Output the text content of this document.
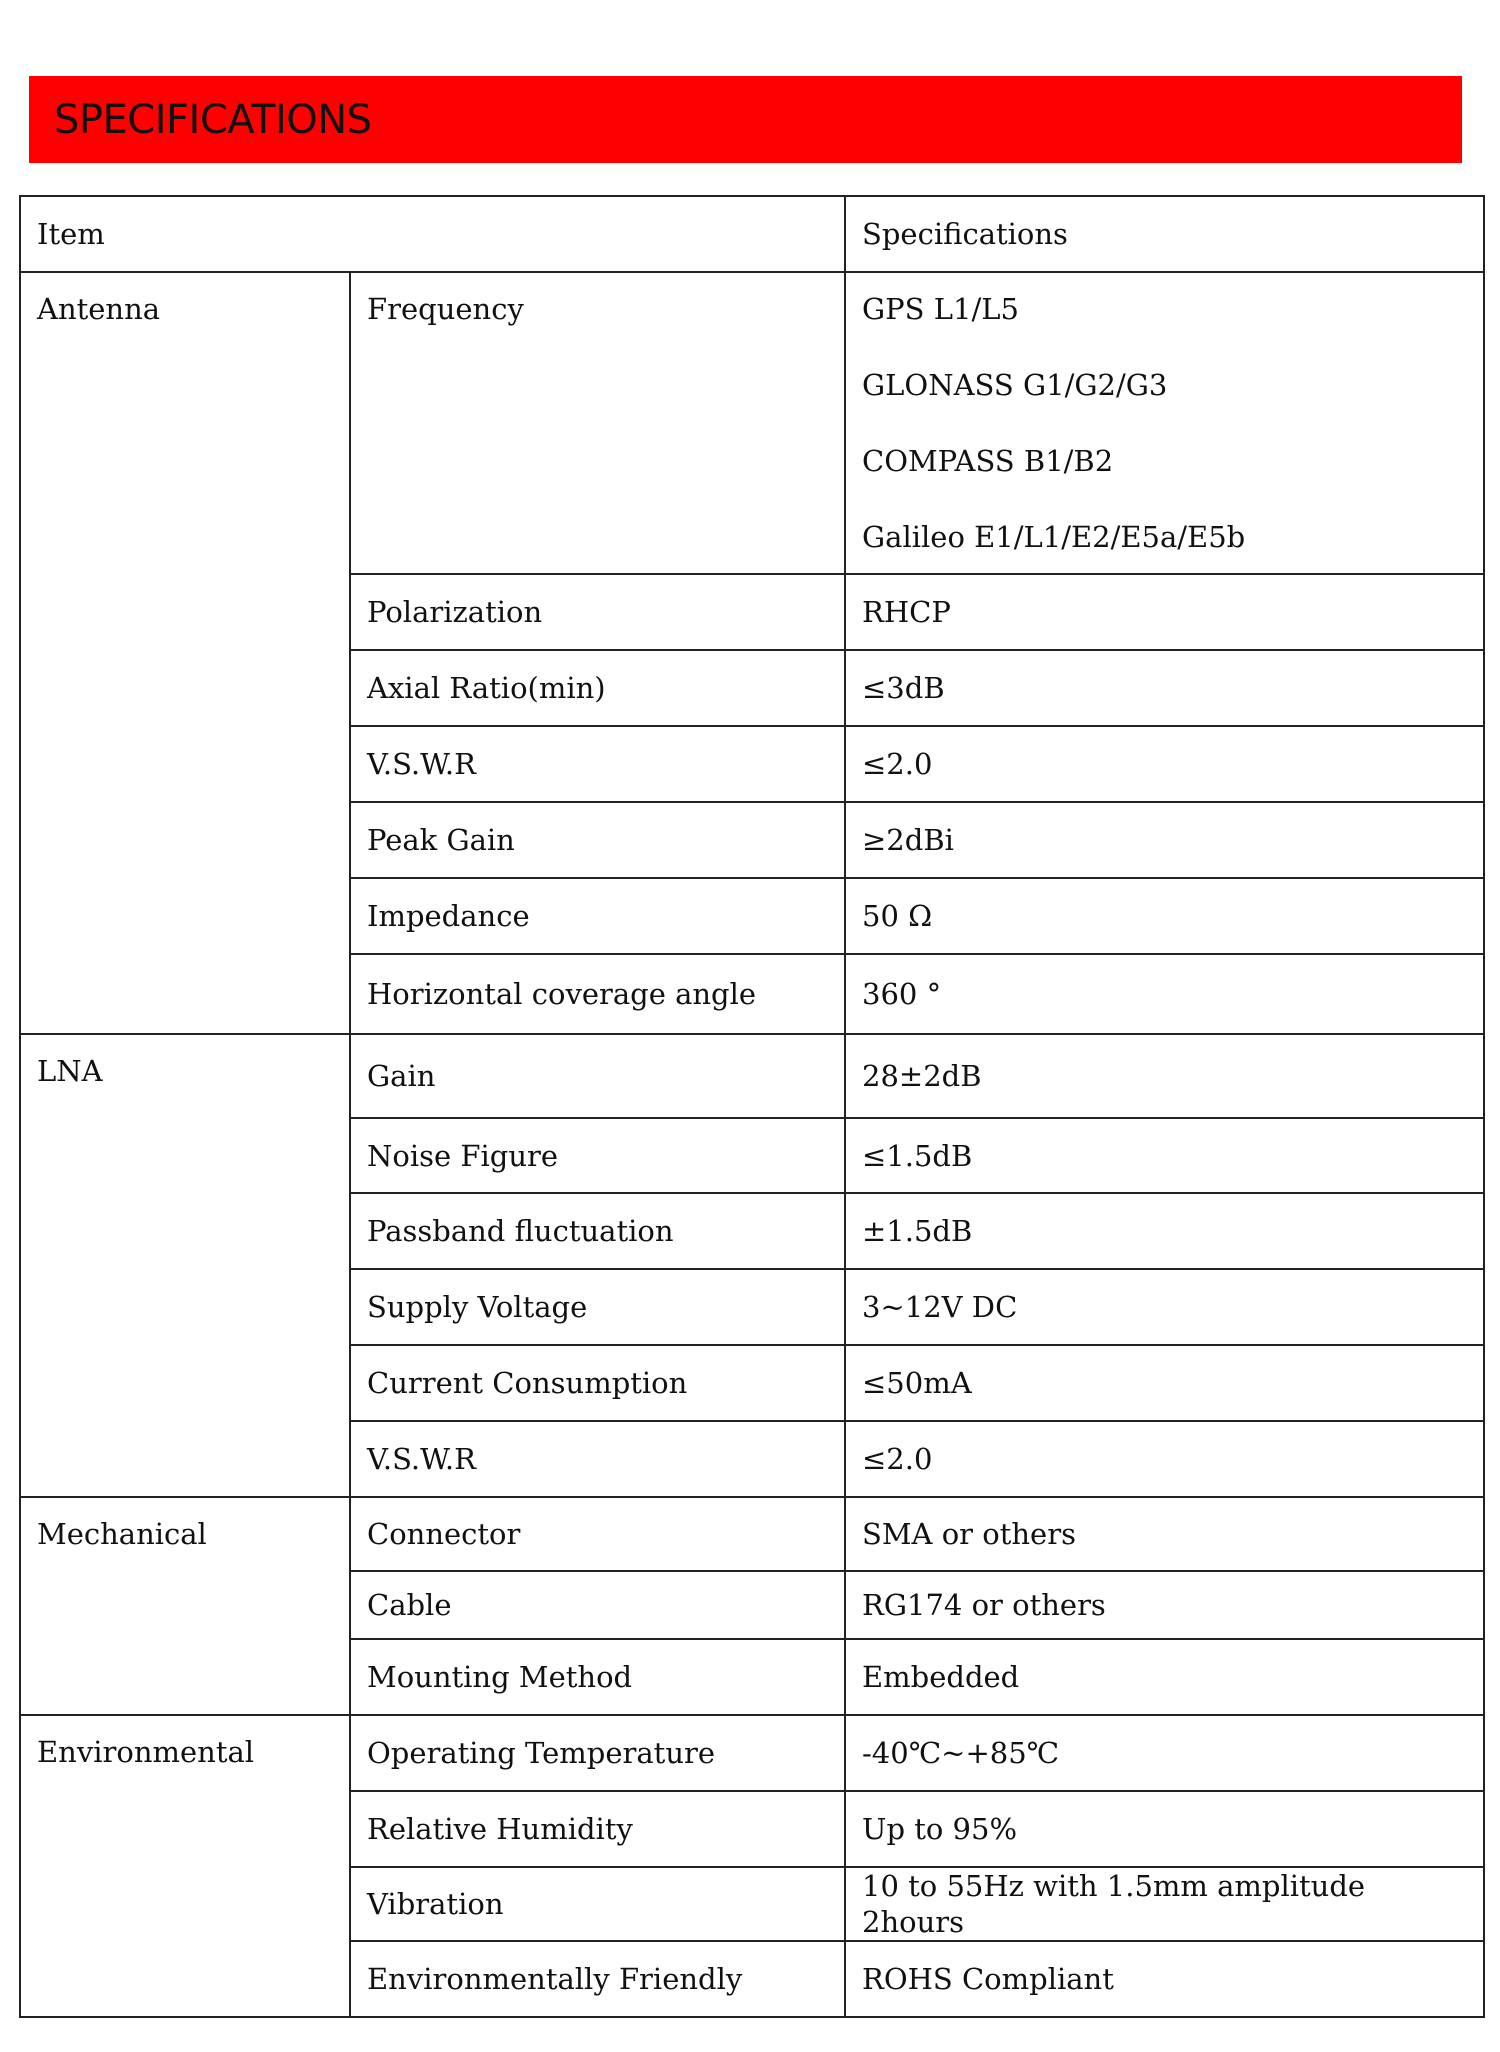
SPECIFICATIONS
Item		Specifications
Antenna	Frequency	GPS L1/L5
GLONASS G1/G2/G3
COMPASS B1/B2
Galileo E1/L1/E2/E5a/E5b

	Polarization	RHCP
	Axial Ratio(min)	≤3dB
	V.S.W.R	≤2.0
	Peak Gain	≥2dBi
	Impedance	50 Ω
	Horizontal coverage angle	360 °
LNA	Gain	28±2dB
	Noise Figure	≤1.5dB
	Passband fluctuation	±1.5dB
	Supply Voltage	3~12V DC
	Current Consumption	≤50mA
	V.S.W.R	≤2.0
Mechanical	Connector	SMA or others
	Cable	RG174 or others
	Mounting Method	Embedded
Environmental	Operating Temperature	-40℃~+85℃
	Relative Humidity	Up to 95%
	Vibration	10 to 55Hz with 1.5mm amplitude 2hours
	Environmentally Friendly	ROHS Compliant
